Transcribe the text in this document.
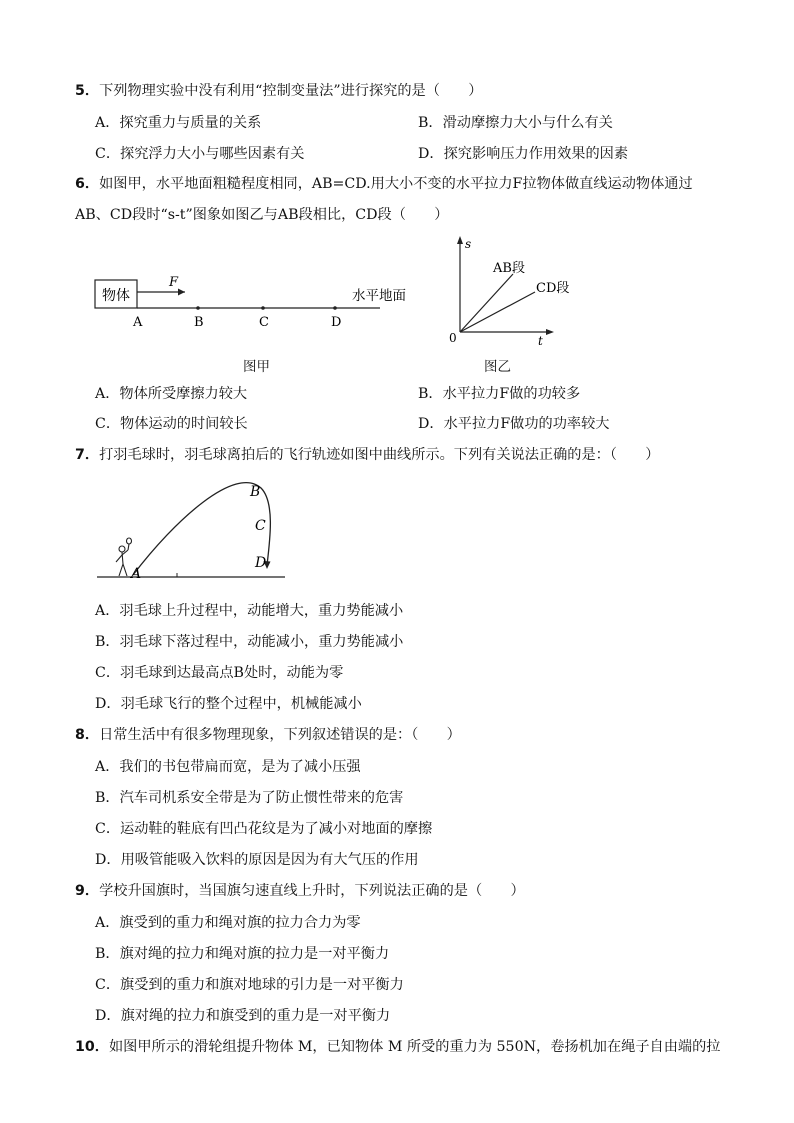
5．下列物理实验中没有利用“控制变量法”进行探究的是（　　）
A．探究重力与质量的关系	B．滑动摩擦力大小与什么有关
C．探究浮力大小与哪些因素有关	D．探究影响压力作用效果的因素
6．如图甲，水平地面粗糙程度相同，AB=CD.用大小不变的水平拉力F拉物体做直线运动物体通过
AB、CD段时“s-t”图象如图乙与AB段相比，CD段（　　）
物体
F
水平地面
A	B	C	D
图甲
s
t
0
AB段
CD段
图乙
A．物体所受摩擦力较大	B．水平拉力F做的功较多
C．物体运动的时间较长	D．水平拉力F做功的功率较大
7．打羽毛球时，羽毛球离拍后的飞行轨迹如图中曲线所示。下列有关说法正确的是：（　　）
A
B
C
D
A．羽毛球上升过程中，动能增大，重力势能减小
B．羽毛球下落过程中，动能减小，重力势能减小
C．羽毛球到达最高点B处时，动能为零
D．羽毛球飞行的整个过程中，机械能减小
8．日常生活中有很多物理现象，下列叙述错误的是：（　　）
A．我们的书包带扁而宽，是为了减小压强
B．汽车司机系安全带是为了防止惯性带来的危害
C．运动鞋的鞋底有凹凸花纹是为了减小对地面的摩擦
D．用吸管能吸入饮料的原因是因为有大气压的作用
9．学校升国旗时，当国旗匀速直线上升时，下列说法正确的是（　　）
A．旗受到的重力和绳对旗的拉力合力为零
B．旗对绳的拉力和绳对旗的拉力是一对平衡力
C．旗受到的重力和旗对地球的引力是一对平衡力
D．旗对绳的拉力和旗受到的重力是一对平衡力
10．如图甲所示的滑轮组提升物体 M，已知物体 M 所受的重力为 550N，卷扬机加在绳子自由端的拉
